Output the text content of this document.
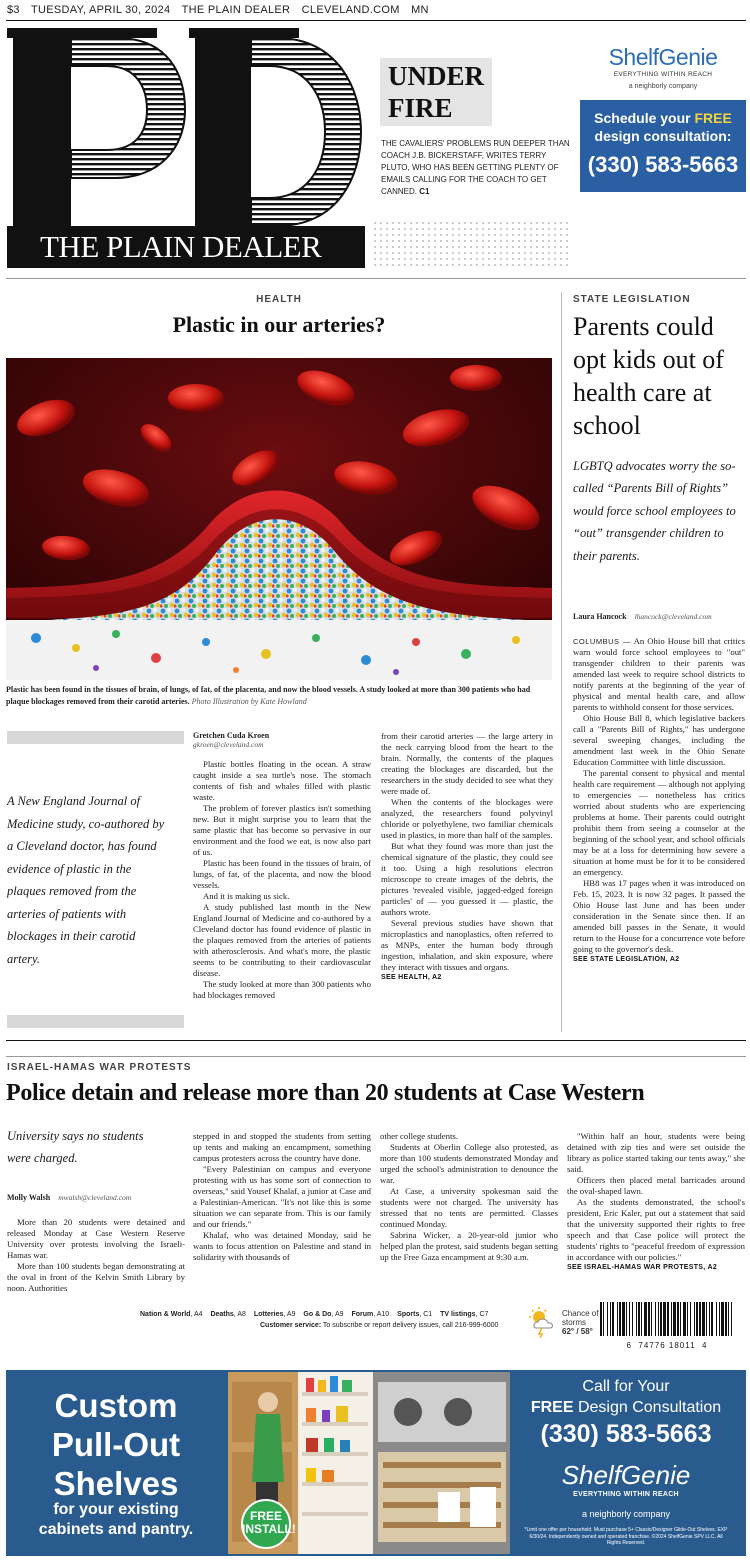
$3 TUESDAY, APRIL 30, 2024 THE PLAIN DEALER CLEVELAND.COM MN
THE PLAIN DEALER
UNDER
FIRE
THE CAVALIERS' PROBLEMS RUN DEEPER THAN COACH J.B. BICKERSTAFF, WRITES TERRY PLUTO, WHO HAS BEEN GETTING PLENTY OF EMAILS CALLING FOR THE COACH TO GET CANNED. C1
ShelfGenie
EVERYTHING WITHIN REACH
a neighborly company
Schedule your FREE
design consultation:
(330) 583-5663
HEALTH
Plastic in our arteries?
Plastic has been found in the tissues of brain, of lungs, of fat, of the placenta, and now the blood vessels. A study looked at more than 300 patients who had plaque blockages removed from their carotid arteries. Photo Illustration by Kate Howland
A New England Journal of Medicine study, co-authored by a Cleveland doctor, has found evidence of plastic in the plaques removed from the arteries of patients with blockages in their carotid artery.
Gretchen Cuda Kroen
gkroen@cleveland.com

Plastic bottles floating in the ocean. A straw caught inside a sea turtle's nose. The stomach contents of fish and whales filled with plastic waste.

The problem of forever plastics isn't something new. But it might surprise you to learn that the same plastic that has become so pervasive in our environment and the food we eat, is now also part of us.

Plastic has been found in the tissues of brain, of lungs, of fat, of the placenta, and now the blood vessels.

And it is making us sick.

A study published last month in the New England Journal of Medicine and co-authored by a Cleveland doctor has found evidence of plastic in the plaques removed from the arteries of patients with atherosclerosis. And what's more, the plastic seems to be contributing to their cardiovascular disease.

The study looked at more than 300 patients who had blockages removed

from their carotid arteries — the large artery in the neck carrying blood from the heart to the brain. Normally, the contents of the plaques creating the blockages are discarded, but the researchers in the study decided to see what they were made of.

When the contents of the blockages were analyzed, the researchers found polyvinyl chloride or polyethylene, two familiar chemicals used in plastics, in more than half of the samples.

But what they found was more than just the chemical signature of the plastic, they could see it too. Using a high resolutions electron microscope to create images of the debris, the pictures 'revealed visible, jagged-edged foreign particles' of — you guessed it — plastic, the authors wrote.

Several previous studies have shown that microplastics and nanoplastics, often referred to as MNPs, enter the human body through ingestion, inhalation, and skin exposure, where they interact with tissues and organs.

SEE HEALTH, A2
STATE LEGISLATION
Parents could opt kids out of health care at school
LGBTQ advocates worry the so-called “Parents Bill of Rights” would force school employees to “out” transgender children to their parents.
Laura Hancock lhancock@cleveland.com

COLUMBUS — An Ohio House bill that critics warn would force school employees to "out" transgender children to their parents was amended last week to require school districts to notify parents at the beginning of the year of physical and mental health care, and allow parents to withhold consent for those services.

Ohio House Bill 8, which legislative backers call a "Parents Bill of Rights," has undergone several sweeping changes, including the amendment last week in the Ohio Senate Education Committee with little discussion.

The parental consent to physical and mental health care requirement — although not applying to emergencies — nonetheless has critics worried about students who are experiencing problems at home. Their parents could outright prohibit them from seeing a counselor at the beginning of the school year, and school officials may be at a loss for determining how severe a situation at home must be for it to be considered an emergency.

HB8 was 17 pages when it was introduced on Feb. 15, 2023. It is now 32 pages. It passed the Ohio House last June and has been under consideration in the Senate since then. If an amended bill passes in the Senate, it would return to the House for a concurrence vote before going to the governor's desk.

SEE STATE LEGISLATION, A2
ISRAEL-HAMAS WAR PROTESTS
Police detain and release more than 20 students at Case Western
University says no students were charged.
Molly Walsh mwalsh@cleveland.com

More than 20 students were detained and released Monday at Case Western Reserve University over protests involving the Israeli-Hamas war.

More than 100 students began demonstrating at the oval in front of the Kelvin Smith Library by noon. Authorities

stepped in and stopped the students from setting up tents and making an encampment, something campus protesters across the country have done.

"Every Palestinian on campus and everyone protesting with us has some sort of connection to overseas," said Yousef Khalaf, a junior at Case and a Palestinian-American. "It's not like this is some situation we can separate from. This is our family and our friends."

Khalaf, who was detained Monday, said he wants to focus attention on Palestine and stand in solidarity with thousands of

other college students.

Students at Oberlin College also protested, as more than 100 students demonstrated Monday and urged the school's administration to denounce the war.

At Case, a university spokesman said the students were not charged. The university has stressed that no tents are permitted. Classes continued Monday.

Sabrina Wicker, a 20-year-old junior who helped plan the protest, said students began setting up the Free Gaza encampment at 9:30 a.m.

"Within half an hour, students were being detained with zip ties and were set outside the library as police started taking our tents away," she said.

Officers then placed metal barricades around the oval-shaped lawn.

As the students demonstrated, the school's president, Eric Kaler, put out a statement that said that the university supported their rights to free speech and that Case police will protect the students' rights to "peaceful freedom of expression in accordance with our policies."

SEE ISRAEL-HAMAS WAR PROTESTS, A2
Nation & World, A4 Deaths, A8 Lotteries, A9 Go & Do, A9 Forum, A10 Sports, C1 TV listings, C7
Customer service: To subscribe or report delivery issues, call 216-999-6000
Chance of
storms
62° / 58°
6  74776 18011  4
Custom
Pull-Out
Shelves
for your existing
cabinets and pantry.
FREE
INSTALL!
Call for Your
FREE Design Consultation
(330) 583-5663
ShelfGenie
EVERYTHING WITHIN REACH
a neighborly company
*Limit one offer per household. Must purchase 5+ Classic/Designer Glide-Out Shelves. EXP 6/30/24. Independently owned and operated franchise. ©2024 ShelfGenie SPV LLC. All Rights Reserved.
